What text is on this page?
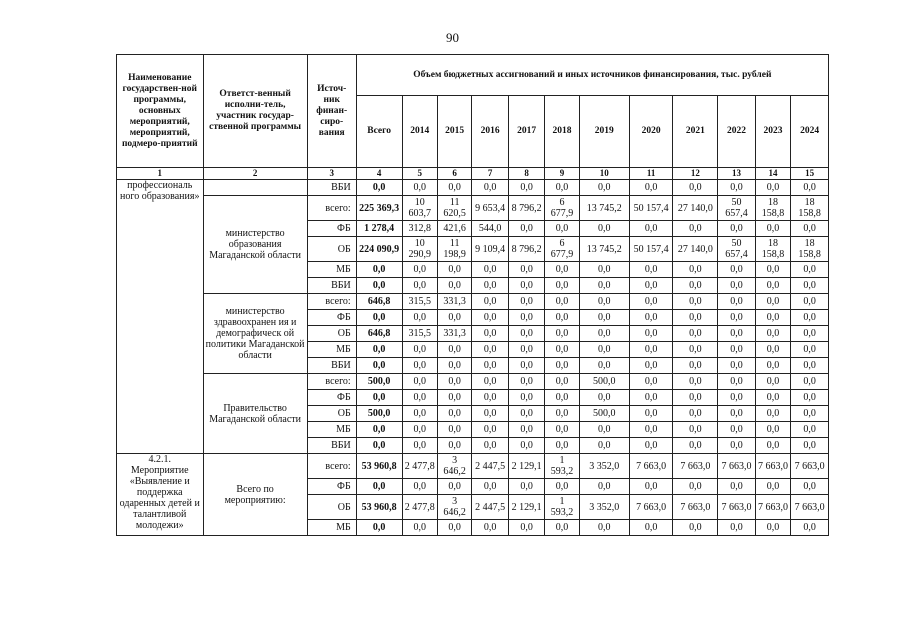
90
Наименование государствен-ной программы, основных мероприятий, мероприятий, подмеро-приятий	Ответст-венный исполни-тель, участник государ-ственной программы	Источ-ник финан-сиро-вания	Объем бюджетных ассигнований и иных источников финансирования, тыс. рублей											
			Всего	2014	2015	2016	2017	2018	2019	2020	2021	2022	2023	2024
1	2	3	4	5	6	7	8	9	10	11	12	13	14	15
профессиональ ного образования»		ВБИ	0,0	0,0	0,0	0,0	0,0	0,0	0,0	0,0	0,0	0,0	0,0	0,0
	министерство образования Магаданской области	всего:	225 369,3	10 603,7	11 620,5	9 653,4	8 796,2	6 677,9	13 745,2	50 157,4	27 140,0	50 657,4	18 158,8	18 158,8
		ФБ	1 278,4	312,8	421,6	544,0	0,0	0,0	0,0	0,0	0,0	0,0	0,0	0,0
		ОБ	224 090,9	10 290,9	11 198,9	9 109,4	8 796,2	6 677,9	13 745,2	50 157,4	27 140,0	50 657,4	18 158,8	18 158,8
		МБ	0,0	0,0	0,0	0,0	0,0	0,0	0,0	0,0	0,0	0,0	0,0	0,0
		ВБИ	0,0	0,0	0,0	0,0	0,0	0,0	0,0	0,0	0,0	0,0	0,0	0,0
	министерство здравоохранен ия и демографическ ой политики Магаданской области	всего:	646,8	315,5	331,3	0,0	0,0	0,0	0,0	0,0	0,0	0,0	0,0	0,0
		ФБ	0,0	0,0	0,0	0,0	0,0	0,0	0,0	0,0	0,0	0,0	0,0	0,0
		ОБ	646,8	315,5	331,3	0,0	0,0	0,0	0,0	0,0	0,0	0,0	0,0	0,0
		МБ	0,0	0,0	0,0	0,0	0,0	0,0	0,0	0,0	0,0	0,0	0,0	0,0
		ВБИ	0,0	0,0	0,0	0,0	0,0	0,0	0,0	0,0	0,0	0,0	0,0	0,0
	Правительство Магаданской области	всего:	500,0	0,0	0,0	0,0	0,0	0,0	500,0	0,0	0,0	0,0	0,0	0,0
		ФБ	0,0	0,0	0,0	0,0	0,0	0,0	0,0	0,0	0,0	0,0	0,0	0,0
		ОБ	500,0	0,0	0,0	0,0	0,0	0,0	500,0	0,0	0,0	0,0	0,0	0,0
		МБ	0,0	0,0	0,0	0,0	0,0	0,0	0,0	0,0	0,0	0,0	0,0	0,0
		ВБИ	0,0	0,0	0,0	0,0	0,0	0,0	0,0	0,0	0,0	0,0	0,0	0,0
4.2.1. Мероприятие «Выявление и поддержка одаренных детей и талантливой молодежи»	Всего по мероприятию:	всего:	53 960,8	2 477,8	3 646,2	2 447,5	2 129,1	1 593,2	3 352,0	7 663,0	7 663,0	7 663,0	7 663,0	7 663,0
		ФБ	0,0	0,0	0,0	0,0	0,0	0,0	0,0	0,0	0,0	0,0	0,0	0,0
		ОБ	53 960,8	2 477,8	3 646,2	2 447,5	2 129,1	1 593,2	3 352,0	7 663,0	7 663,0	7 663,0	7 663,0	7 663,0
		МБ	0,0	0,0	0,0	0,0	0,0	0,0	0,0	0,0	0,0	0,0	0,0	0,0
